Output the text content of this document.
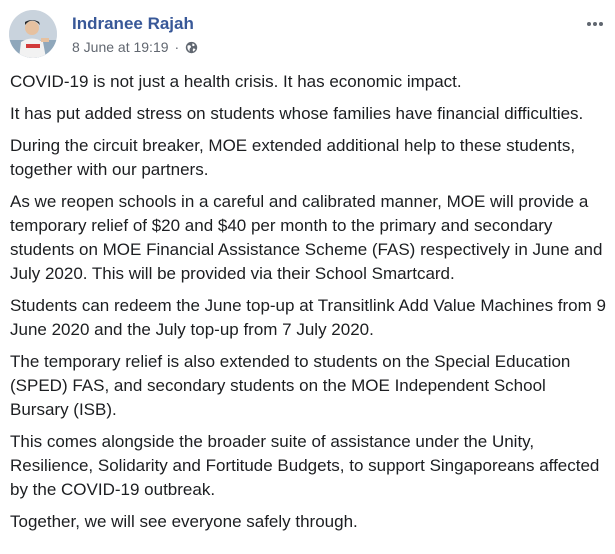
Indranee Rajah
8 June at 19:19 ·

COVID-19 is not just a health crisis. It has economic impact.

It has put added stress on students whose families have financial difficulties.

During the circuit breaker, MOE extended additional help to these students, together with our partners.

As we reopen schools in a careful and calibrated manner, MOE will provide a temporary relief of $20 and $40 per month to the primary and secondary students on MOE Financial Assistance Scheme (FAS) respectively in June and July 2020. This will be provided via their School Smartcard.

Students can redeem the June top-up at Transitlink Add Value Machines from 9 June 2020 and the July top-up from 7 July 2020.

The temporary relief is also extended to students on the Special Education (SPED) FAS, and secondary students on the MOE Independent School Bursary (ISB).

This comes alongside the broader suite of assistance under the Unity, Resilience, Solidarity and Fortitude Budgets, to support Singaporeans affected by the COVID-19 outbreak.

Together, we will see everyone safely through.
